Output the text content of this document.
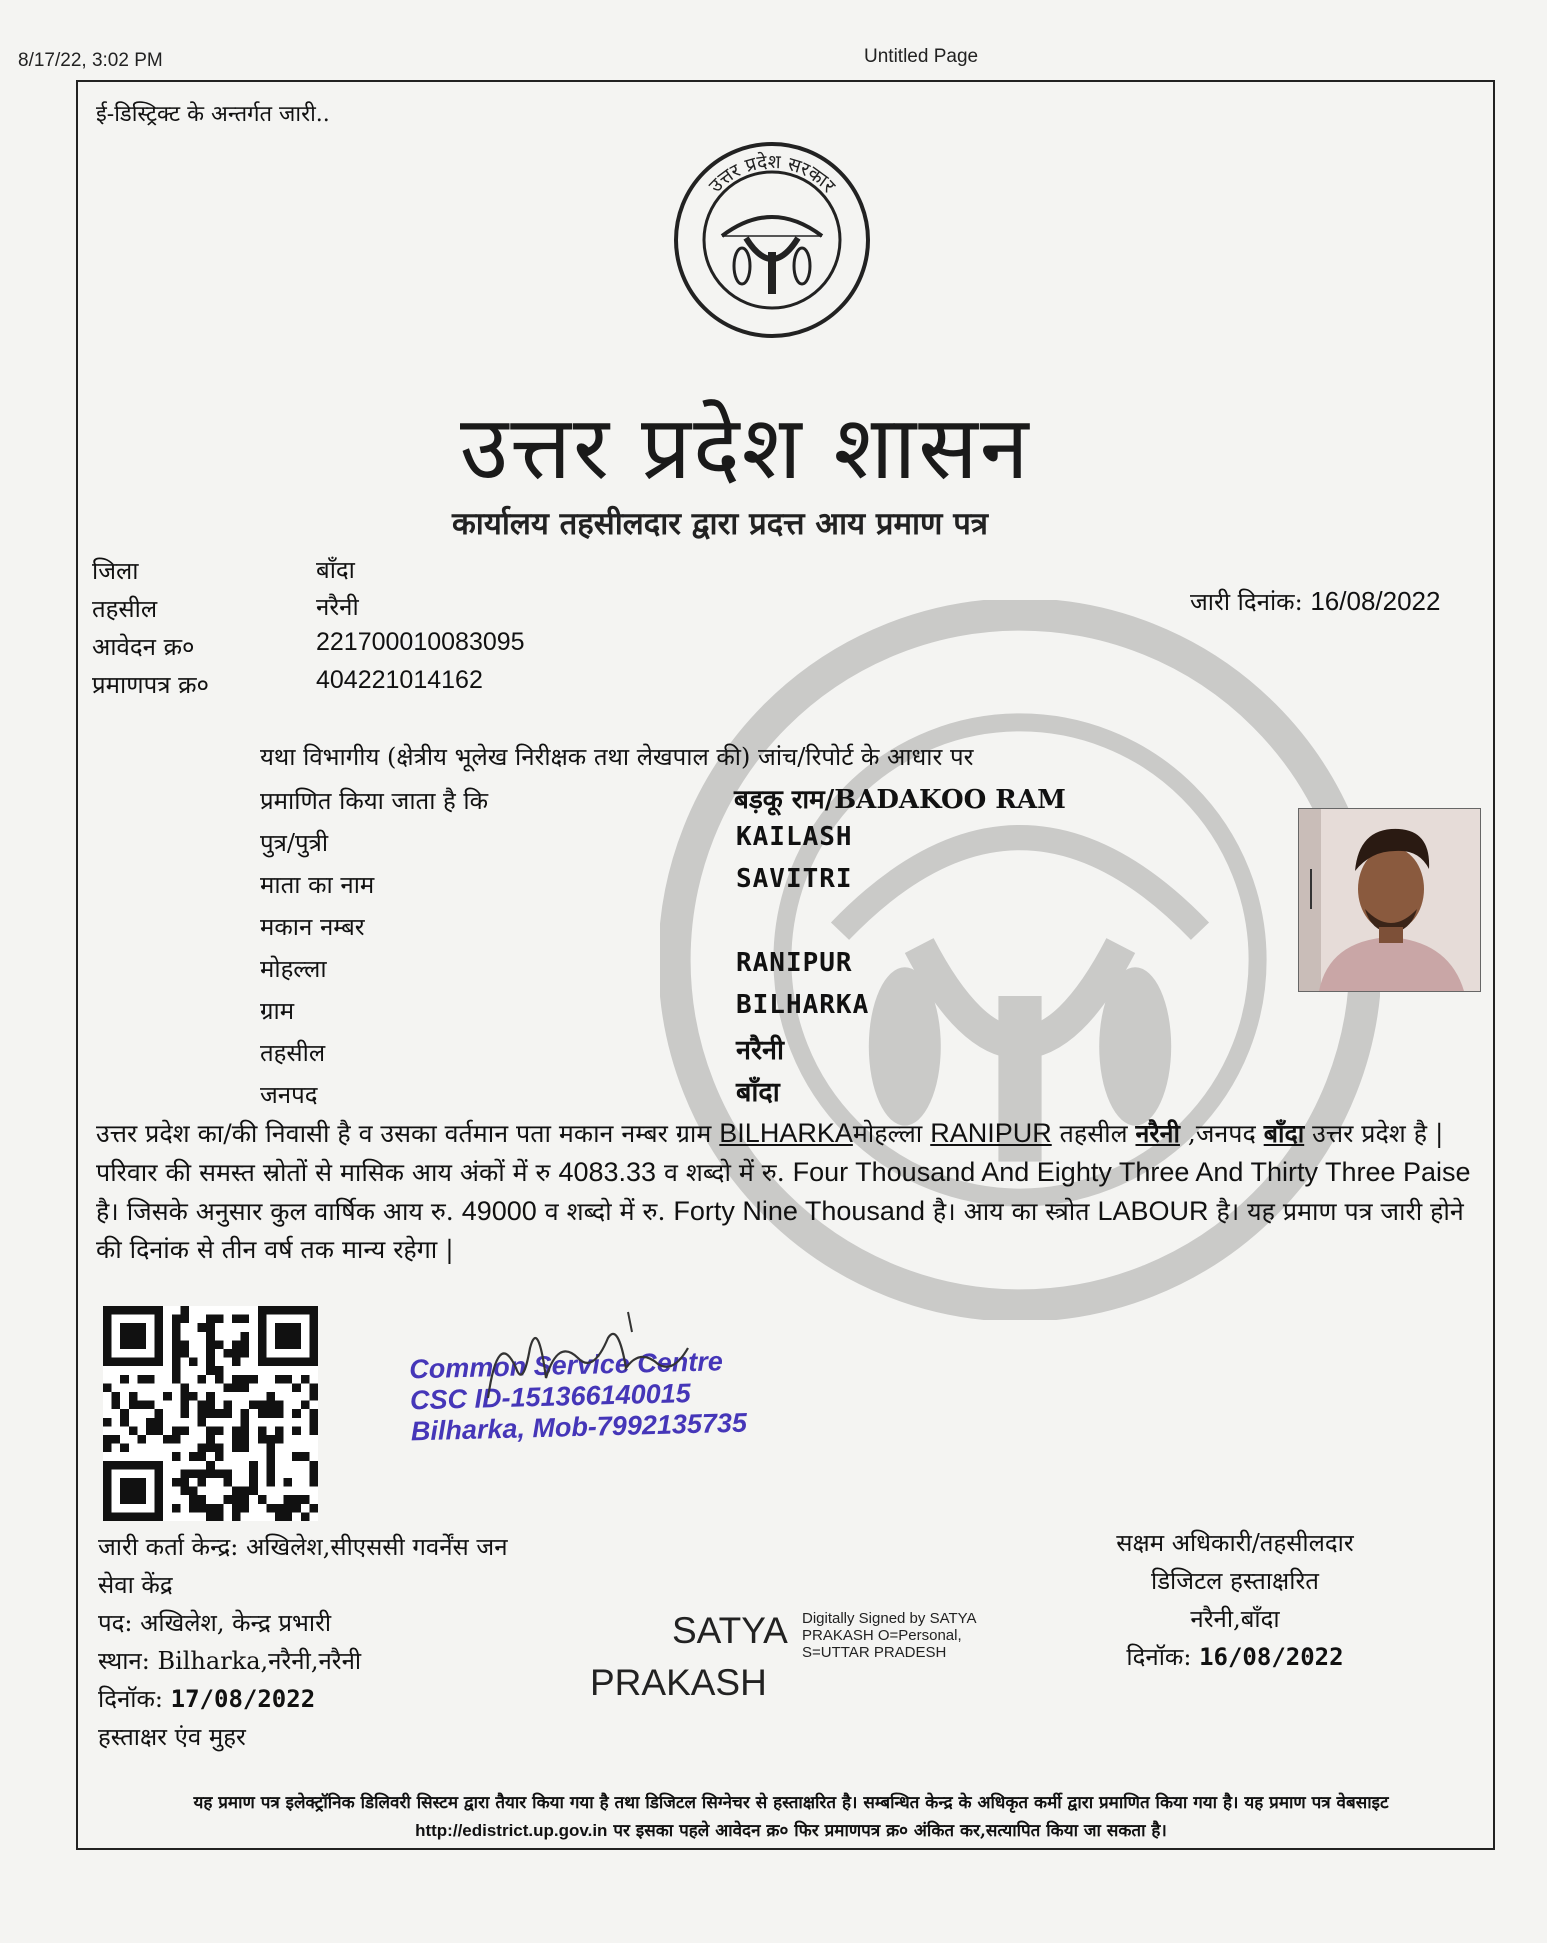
8/17/22, 3:02 PM	Untitled Page
ई-डिस्ट्रिक्ट के अन्तर्गत जारी..
उत्तर प्रदेश सरकार
उत्तर प्रदेश शासन
कार्यालय तहसीलदार द्वारा प्रदत्त आय प्रमाण पत्र
जिला	बाँदा
तहसील	नरैनी
आवेदन क्र०	221700010083095
प्रमाणपत्र क्र०	404221014162
जारी दिनांक: 16/08/2022
यथा विभागीय (क्षेत्रीय भूलेख निरीक्षक तथा लेखपाल की) जांच/रिपोर्ट के आधार पर
प्रमाणित किया जाता है कि	बड़कू राम/BADAKOO RAM
पुत्र/पुत्री	KAILASH
माता का नाम	SAVITRI
मकान नम्बर
मोहल्ला	RANIPUR
ग्राम	BILHARKA
तहसील	नरैनी
जनपद	बाँदा
उत्तर प्रदेश का/की निवासी है व उसका वर्तमान पता मकान नम्बर ग्राम BILHARKAमोहल्ला RANIPUR तहसील नरैनी ,जनपद बाँदा उत्तर प्रदेश है | परिवार की समस्त स्रोतों से मासिक आय अंकों में रु 4083.33 व शब्दो में रु. Four Thousand And Eighty Three And Thirty Three Paise है। जिसके अनुसार कुल वार्षिक आय रु. 49000 व शब्दो में रु. Forty Nine Thousand है। आय का स्त्रोत LABOUR है। यह प्रमाण पत्र जारी होने की दिनांक से तीन वर्ष तक मान्य रहेगा |
Common Service Centre
CSC ID-151366140015
Bilharka, Mob-7992135735
जारी कर्ता केन्द्र: अखिलेश,सीएससी गवर्नेंस जन
सेवा केंद्र
पद: अखिलेश, केन्द्र प्रभारी
स्थान: Bilharka,नरैनी,नरैनी
दिनॉक: 17/08/2022
हस्ताक्षर एंव मुहर
SATYA
PRAKASH
Digitally Signed by SATYA
PRAKASH O=Personal,
S=UTTAR PRADESH
सक्षम अधिकारी/तहसीलदार
डिजिटल हस्ताक्षरित
नरैनी,बाँदा
दिनॉक: 16/08/2022
यह प्रमाण पत्र इलेक्ट्रॉनिक डिलिवरी सिस्टम द्वारा तैयार किया गया है तथा डिजिटल सिग्नेचर से हस्ताक्षरित है। सम्बन्धित केन्द्र के अधिकृत कर्मी द्वारा प्रमाणित किया गया है। यह प्रमाण पत्र वेबसाइट http://edistrict.up.gov.in पर इसका पहले आवेदन क्र० फिर प्रमाणपत्र क्र० अंकित कर,सत्यापित किया जा सकता है।
